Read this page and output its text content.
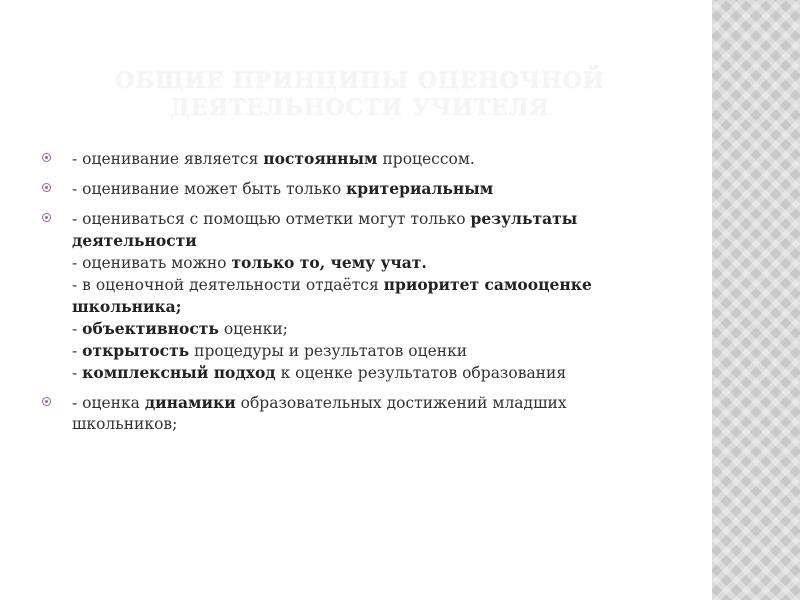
ОБЩИЕ ПРИНЦИПЫ ОЦЕНОЧНОЙ
ДЕЯТЕЛЬНОСТИ УЧИТЕЛЯ
- оценивание является постоянным процессом.
- оценивание может быть только критериальным
- оцениваться с помощью отметки могут только результаты деятельности
- оценивать можно только то, чему учат.
- в оценочной деятельности отдаётся приоритет самооценке школьника;
- объективность оценки;
- открытость процедуры и результатов оценки
- комплексный подход к оценке результатов образования
- оценка динамики образовательных достижений младших школьников;
